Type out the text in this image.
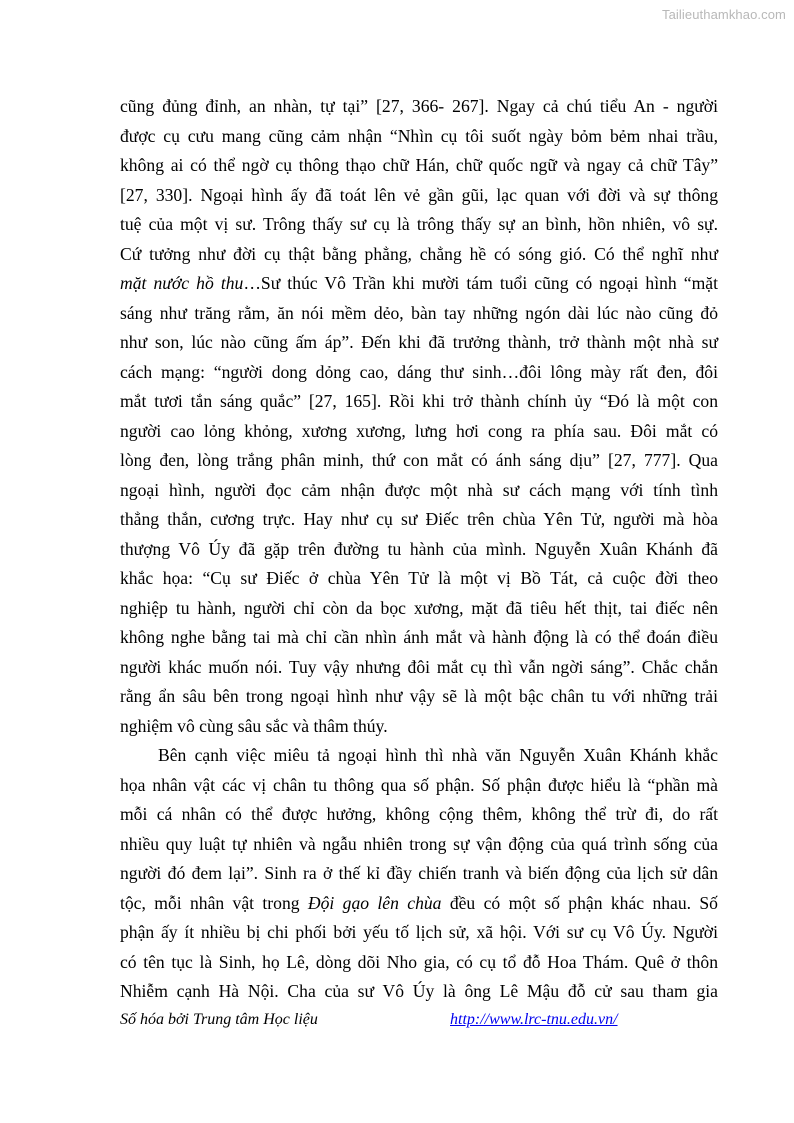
Tailieuthamkhao.com
cũng đủng đỉnh, an nhàn, tự tại” [27, 366- 267]. Ngay cả chú tiểu An - người
được cụ cưu mang cũng cảm nhận “Nhìn cụ tôi suốt ngày bỏm bẻm nhai trầu,
không ai có thể ngờ cụ thông thạo chữ Hán, chữ quốc ngữ và ngay cả chữ Tây”
[27, 330]. Ngoại hình ấy đã toát lên vẻ gần gũi, lạc quan với đời và sự thông
tuệ của một vị sư. Trông thấy sư cụ là trông thấy sự an bình, hồn nhiên, vô sự.
Cứ tưởng như đời cụ thật bằng phẳng, chẳng hề có sóng gió. Có thể nghĩ như
mặt nước hồ thu…Sư thúc Vô Trần khi mười tám tuổi cũng có ngoại hình “mặt
sáng như trăng rằm, ăn nói mềm dẻo, bàn tay những ngón dài lúc nào cũng đỏ
như son, lúc nào cũng ấm áp”. Đến khi đã trưởng thành, trở thành một nhà sư
cách mạng: “người dong dỏng cao, dáng thư sinh…đôi lông mày rất đen, đôi
mắt tươi tắn sáng quắc” [27, 165]. Rồi khi trở thành chính ủy “Đó là một con
người cao lỏng khỏng, xương xương, lưng hơi cong ra phía sau. Đôi mắt có
lòng đen, lòng trắng phân minh, thứ con mắt có ánh sáng dịu” [27, 777]. Qua
ngoại hình, người đọc cảm nhận được một nhà sư cách mạng với tính tình
thẳng thắn, cương trực. Hay như cụ sư Điếc trên chùa Yên Tử, người mà hòa
thượng Vô Úy đã gặp trên đường tu hành của mình. Nguyễn Xuân Khánh đã
khắc họa: “Cụ sư Điếc ở chùa Yên Tử là một vị Bồ Tát, cả cuộc đời theo
nghiệp tu hành, người chỉ còn da bọc xương, mặt đã tiêu hết thịt, tai điếc nên
không nghe bằng tai mà chỉ cần nhìn ánh mắt và hành động là có thể đoán điều
người khác muốn nói. Tuy vậy nhưng đôi mắt cụ thì vẫn ngời sáng”. Chắc chắn
rằng ẩn sâu bên trong ngoại hình như vậy sẽ là một bậc chân tu với những trải
nghiệm vô cùng sâu sắc và thâm thúy.
Bên cạnh việc miêu tả ngoại hình thì nhà văn Nguyễn Xuân Khánh khắc
họa nhân vật các vị chân tu thông qua số phận. Số phận được hiểu là “phần mà
mỗi cá nhân có thể được hưởng, không cộng thêm, không thể trừ đi, do rất
nhiều quy luật tự nhiên và ngẫu nhiên trong sự vận động của quá trình sống của
người đó đem lại”. Sinh ra ở thế kỉ đầy chiến tranh và biến động của lịch sử dân
tộc, mỗi nhân vật trong Đội gạo lên chùa đều có một số phận khác nhau. Số
phận ấy ít nhiều bị chi phối bởi yếu tố lịch sử, xã hội. Với sư cụ Vô Úy. Người
có tên tục là Sinh, họ Lê, dòng dõi Nho gia, có cụ tổ đỗ Hoa Thám. Quê ở thôn
Nhiễm cạnh Hà Nội. Cha của sư Vô Úy là ông Lê Mậu đỗ cử sau tham gia
Số hóa bởi Trung tâm Học liệu	http://www.lrc-tnu.edu.vn/
